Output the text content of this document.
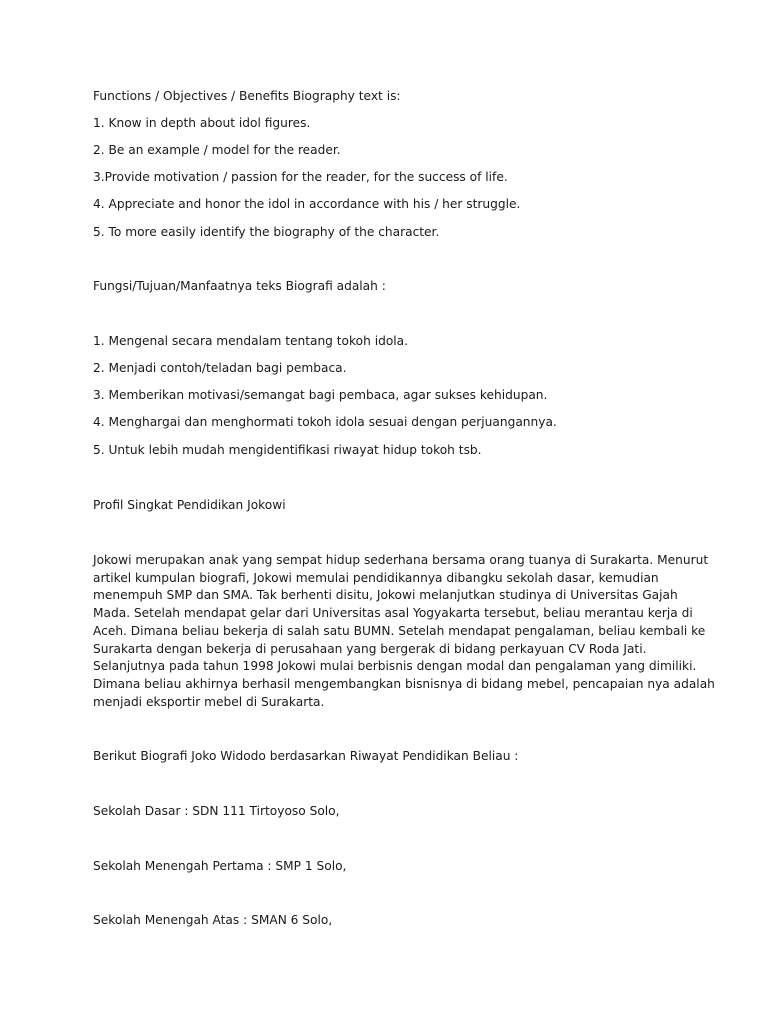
Functions / Objectives / Benefits Biography text is:

1. Know in depth about idol figures.

2. Be an example / model for the reader.

3.Provide motivation / passion for the reader, for the success of life.

4. Appreciate and honor the idol in accordance with his / her struggle.

5. To more easily identify the biography of the character.

Fungsi/Tujuan/Manfaatnya teks Biografi adalah :

1. Mengenal secara mendalam tentang tokoh idola.

2. Menjadi contoh/teladan bagi pembaca.

3. Memberikan motivasi/semangat bagi pembaca, agar sukses kehidupan.

4. Menghargai dan menghormati tokoh idola sesuai dengan perjuangannya.

5. Untuk lebih mudah mengidentifikasi riwayat hidup tokoh tsb.

Profil Singkat Pendidikan Jokowi

Jokowi merupakan anak yang sempat hidup sederhana bersama orang tuanya di Surakarta. Menurut
artikel kumpulan biografi, Jokowi memulai pendidikannya dibangku sekolah dasar, kemudian
menempuh SMP dan SMA. Tak berhenti disitu, Jokowi melanjutkan studinya di Universitas Gajah
Mada. Setelah mendapat gelar dari Universitas asal Yogyakarta tersebut, beliau merantau kerja di
Aceh. Dimana beliau bekerja di salah satu BUMN. Setelah mendapat pengalaman, beliau kembali ke
Surakarta dengan bekerja di perusahaan yang bergerak di bidang perkayuan CV Roda Jati.
Selanjutnya pada tahun 1998 Jokowi mulai berbisnis dengan modal dan pengalaman yang dimiliki.
Dimana beliau akhirnya berhasil mengembangkan bisnisnya di bidang mebel, pencapaian nya adalah
menjadi eksportir mebel di Surakarta.

Berikut Biografi Joko Widodo berdasarkan Riwayat Pendidikan Beliau :

Sekolah Dasar : SDN 111 Tirtoyoso Solo,

Sekolah Menengah Pertama : SMP 1 Solo,

Sekolah Menengah Atas : SMAN 6 Solo,
